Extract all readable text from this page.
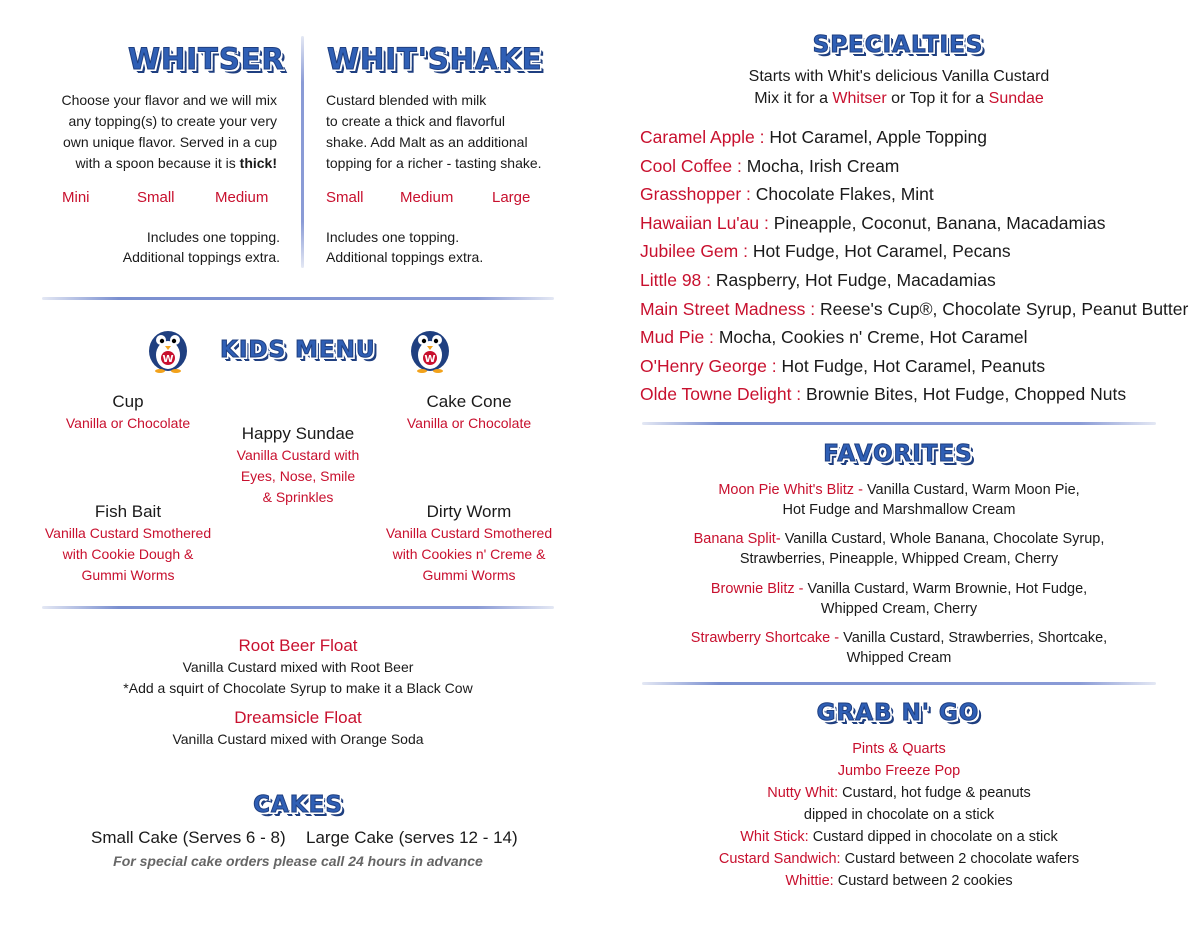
WHITSER
Choose your flavor and we will mix
any topping(s) to create your very
own unique flavor. Served in a cup
with a spoon because it is thick!
Mini	Small	Medium
Includes one topping.
Additional toppings extra.
WHIT'SHAKE
Custard blended with milk
to create a thick and flavorful
shake. Add Malt as an additional
topping for a richer - tasting shake.
Small Medium	Large
Includes one topping.
Additional toppings extra.
W KIDS MENU	W
Cup
Vanilla or Chocolate
Cake Cone
Vanilla or Chocolate
Happy Sundae
Vanilla Custard with
Eyes, Nose, Smile
& Sprinkles
Fish Bait
Vanilla Custard Smothered
with Cookie Dough &
Gummi Worms
Dirty Worm
Vanilla Custard Smothered
with Cookies n' Creme &
Gummi Worms
Root Beer Float
Vanilla Custard mixed with Root Beer
*Add a squirt of Chocolate Syrup to make it a Black Cow
Dreamsicle Float
Vanilla Custard mixed with Orange Soda
CAKES
Small Cake (Serves 6 - 8) Large Cake (serves 12 - 14)
For special cake orders please call 24 hours in advance
SPECIALTIES
Starts with Whit's delicious Vanilla Custard
Mix it for a Whitser or Top it for a Sundae
Caramel Apple : Hot Caramel, Apple Topping
Cool Coffee : Mocha, Irish Cream
Grasshopper : Chocolate Flakes, Mint
Hawaiian Lu'au : Pineapple, Coconut, Banana, Macadamias
Jubilee Gem : Hot Fudge, Hot Caramel, Pecans
Little 98 : Raspberry, Hot Fudge, Macadamias
Main Street Madness : Reese's Cup®, Chocolate Syrup, Peanut Butter
Mud Pie : Mocha, Cookies n' Creme, Hot Caramel
O'Henry George : Hot Fudge, Hot Caramel, Peanuts
Olde Towne Delight : Brownie Bites, Hot Fudge, Chopped Nuts
FAVORITES
Moon Pie Whit's Blitz - Vanilla Custard, Warm Moon Pie,
Hot Fudge and Marshmallow Cream
Banana Split- Vanilla Custard, Whole Banana, Chocolate Syrup,
Strawberries, Pineapple, Whipped Cream, Cherry
Brownie Blitz - Vanilla Custard, Warm Brownie, Hot Fudge,
Whipped Cream, Cherry
Strawberry Shortcake - Vanilla Custard, Strawberries, Shortcake,
Whipped Cream
GRAB N' GO
Pints & Quarts
Jumbo Freeze Pop
Nutty Whit: Custard, hot fudge & peanuts
dipped in chocolate on a stick
Whit Stick: Custard dipped in chocolate on a stick
Custard Sandwich: Custard between 2 chocolate wafers
Whittie: Custard between 2 cookies
